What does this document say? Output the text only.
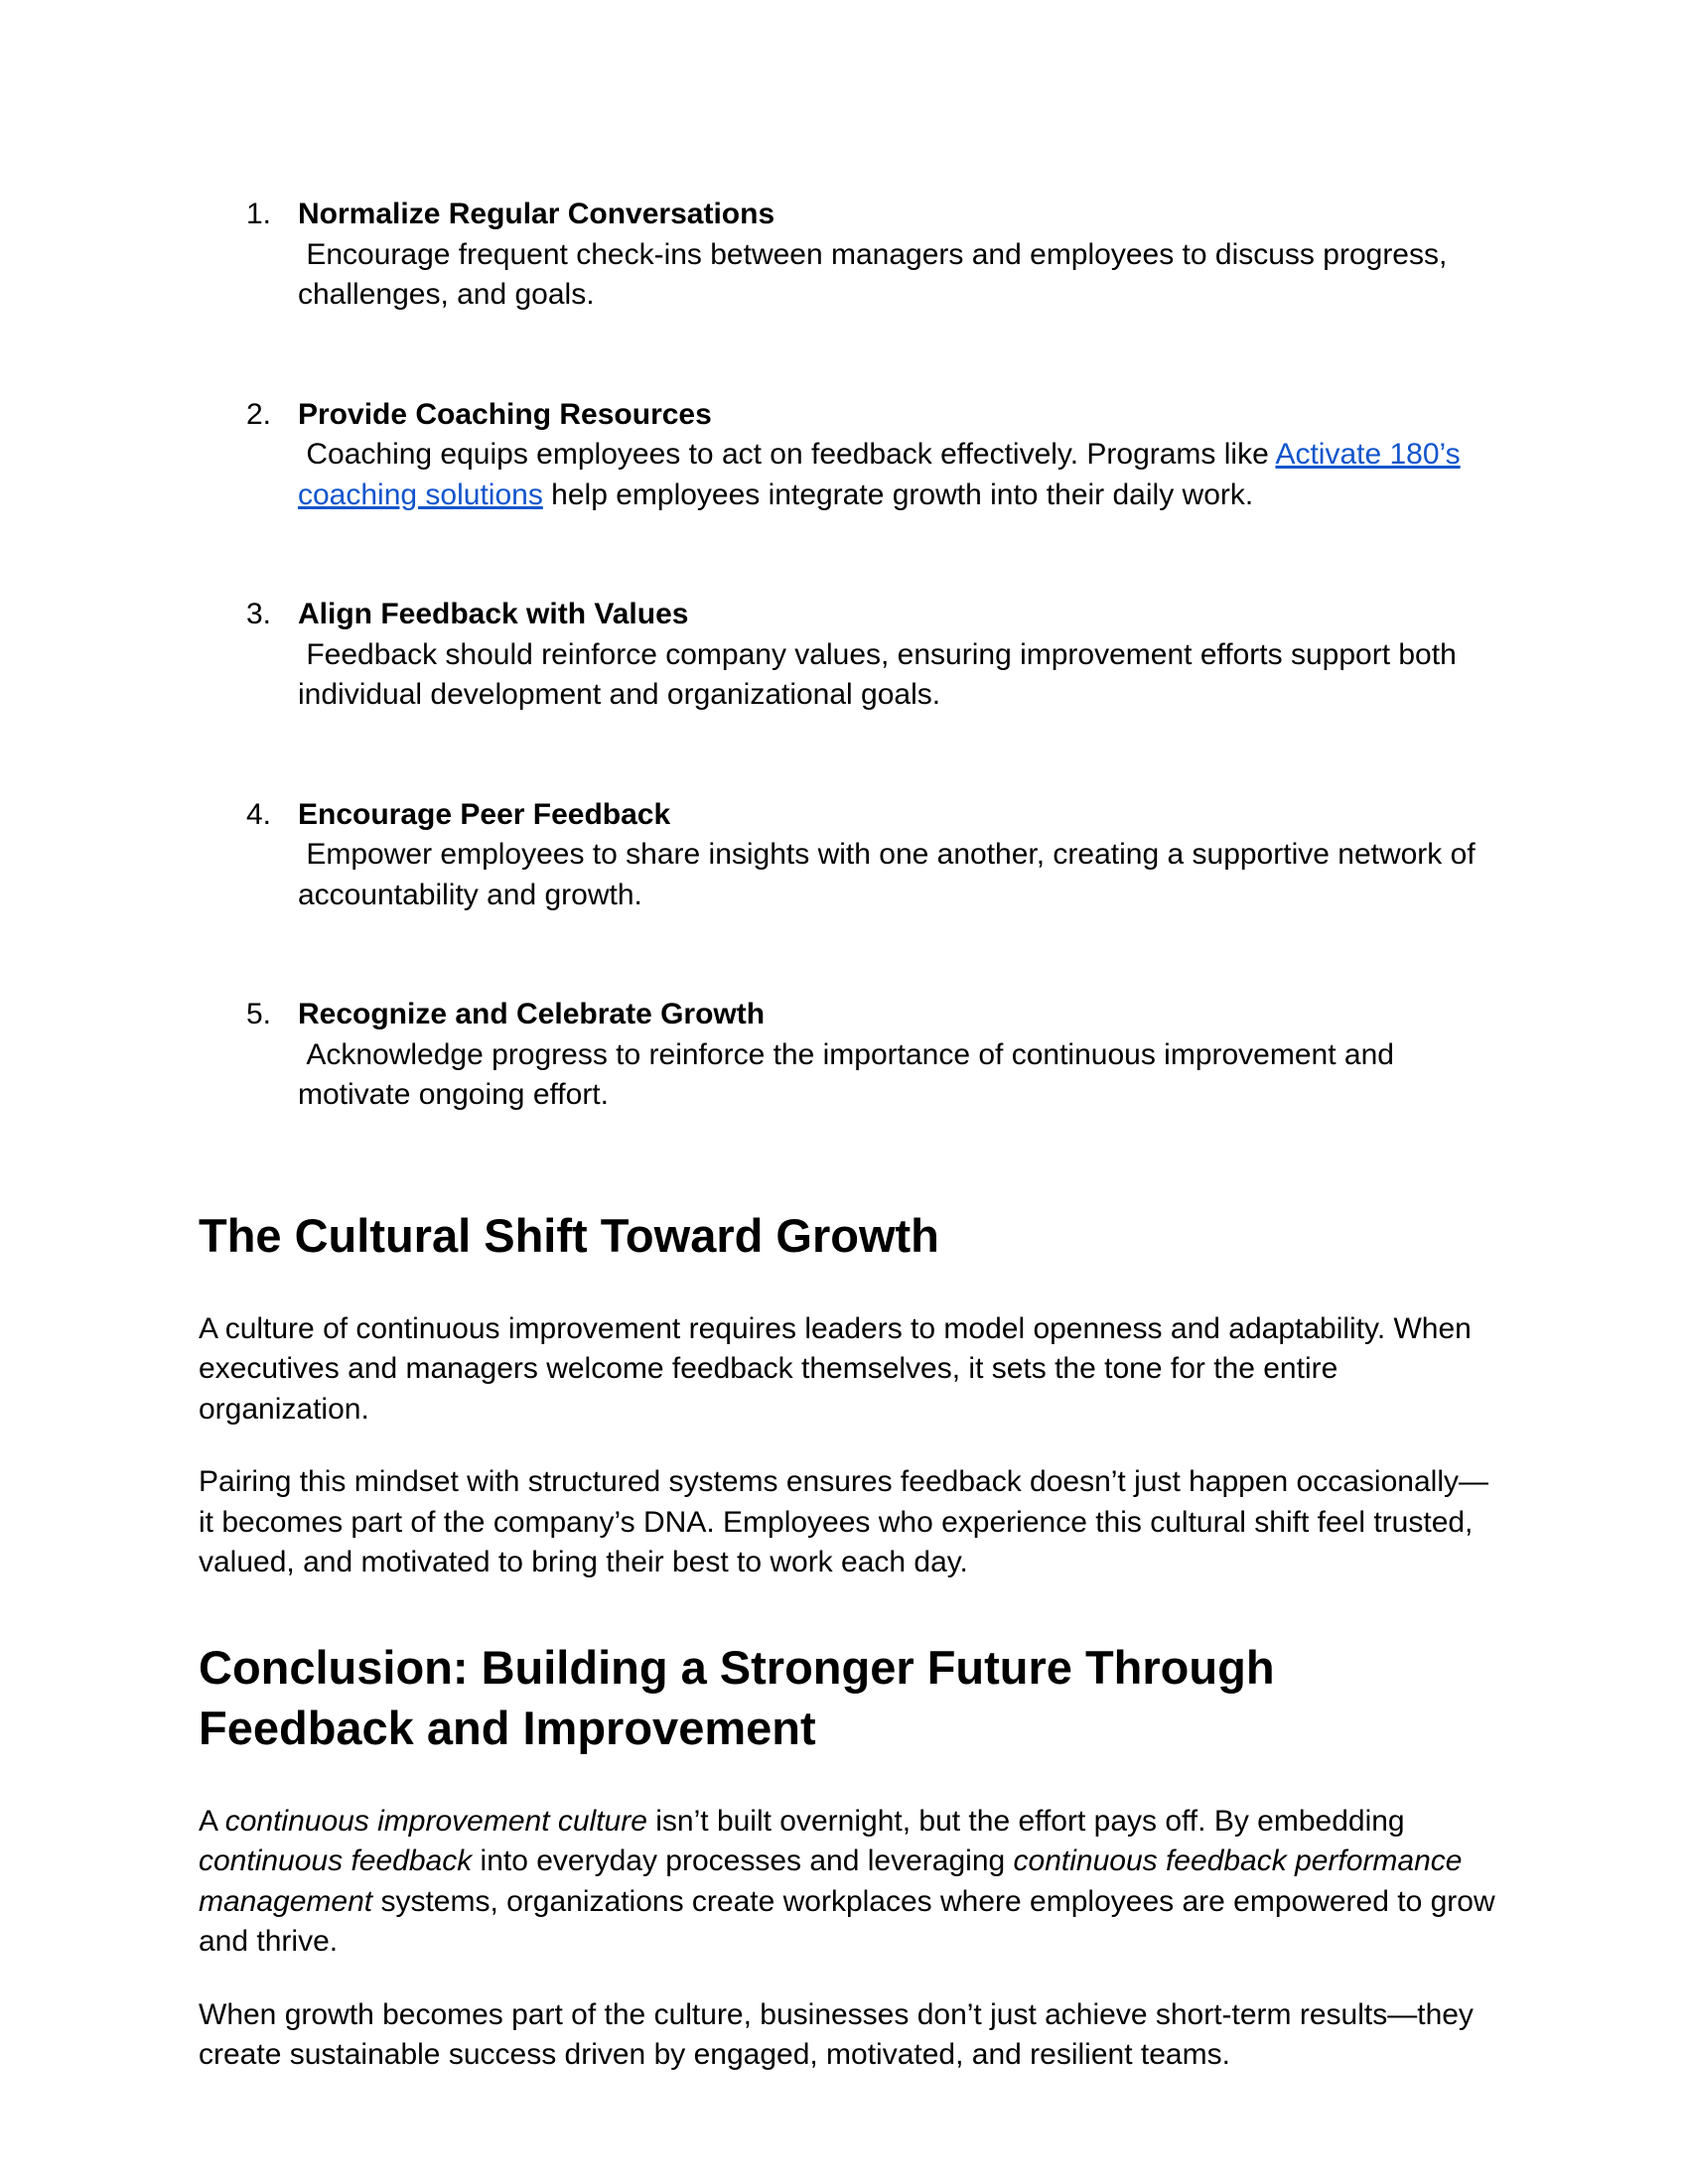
1. Normalize Regular Conversations
Encourage frequent check-ins between managers and employees to discuss progress, challenges, and goals.
2. Provide Coaching Resources
Coaching equips employees to act on feedback effectively. Programs like Activate 180’s coaching solutions help employees integrate growth into their daily work.
3. Align Feedback with Values
Feedback should reinforce company values, ensuring improvement efforts support both individual development and organizational goals.
4. Encourage Peer Feedback
Empower employees to share insights with one another, creating a supportive network of accountability and growth.
5. Recognize and Celebrate Growth
Acknowledge progress to reinforce the importance of continuous improvement and motivate ongoing effort.
The Cultural Shift Toward Growth

A culture of continuous improvement requires leaders to model openness and adaptability. When executives and managers welcome feedback themselves, it sets the tone for the entire organization.

Pairing this mindset with structured systems ensures feedback doesn’t just happen occasionally—it becomes part of the company’s DNA. Employees who experience this cultural shift feel trusted, valued, and motivated to bring their best to work each day.

Conclusion: Building a Stronger Future Through Feedback and Improvement

A continuous improvement culture isn’t built overnight, but the effort pays off. By embedding continuous feedback into everyday processes and leveraging continuous feedback performance management systems, organizations create workplaces where employees are empowered to grow and thrive.

When growth becomes part of the culture, businesses don’t just achieve short-term results—they create sustainable success driven by engaged, motivated, and resilient teams.
